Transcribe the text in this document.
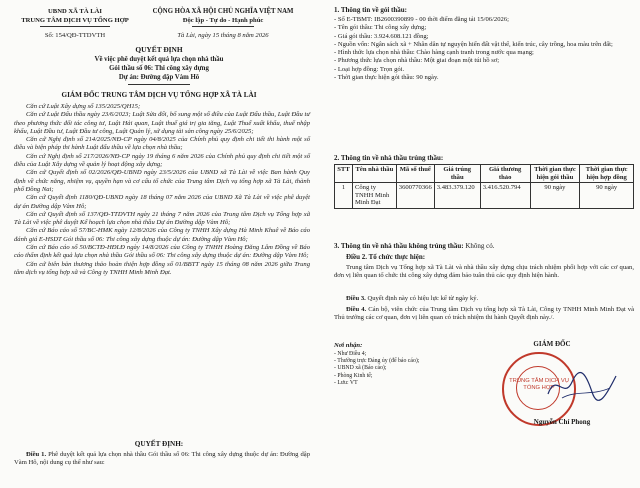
UBND XÃ TÀ LÀI
TRUNG TÂM DỊCH VỤ TỔNG HỢP
Số: 154/QĐ-TTDVTH
CỘNG HÒA XÃ HỘI CHỦ NGHĨA VIỆT NAM
Độc lập - Tự do - Hạnh phúc
Tà Lài, ngày 15 tháng 8 năm 2026
QUYẾT ĐỊNH
Về việc phê duyệt kết quả lựa chọn nhà thầu
Gói thầu số 06: Thi công xây dựng
Dự án: Đường dập Vàm Hô
GIÁM ĐỐC TRUNG TÂM DỊCH VỤ TỔNG HỢP XÃ TÀ LÀI
Căn cứ Luật Xây dựng số 135/2025/QH15;
Căn cứ Luật Đấu thầu ngày 23/6/2023; Luật Sửa đổi, bổ sung một số điều của Luật Đấu thầu, Luật Đầu tư theo phương thức đối tác công tư, Luật Hải quan, Luật thuế giá trị gia tăng, Luật Thuế xuất khẩu, thuế nhập khẩu, Luật Đầu tư, Luật Đầu tư công, Luật Quản lý, sử dụng tài sản công ngày 25/6/2025;
Căn cứ Nghị định số 214/2025/NĐ-CP ngày 04/8/2025 của Chính phủ quy định chi tiết thi hành một số điều và biện pháp thi hành Luật đấu thầu về lựa chọn nhà thầu;
Căn cứ Nghị định số 217/2026/NĐ-CP ngày 19 tháng 6 năm 2026 của Chính phủ quy định chi tiết một số điều của Luật Xây dựng về quản lý hoạt động xây dựng;
Căn cứ Quyết định số 02/2026/QĐ-UBND ngày 23/5/2026 của UBND xã Tà Lài về việc Ban hành Quy định về chức năng, nhiệm vụ, quyền hạn và cơ cấu tổ chức của Trung tâm Dịch vụ tổng hợp xã Tà Lài, thành phố Đồng Nai;
Căn cứ Quyết định 1180/QĐ-UBND ngày 18 tháng 07 năm 2026 của UBND Xã Tà Lài về việc phê duyệt dự án Đường dập Vàm Hô;
Căn cứ Quyết định số 137/QĐ-TTDVTH ngày 21 tháng 7 năm 2026 của Trung tâm Dịch vụ Tổng hợp xã Tà Lài về việc phê duyệt Kế hoạch lựa chọn nhà thầu Dự án Đường dập Vàm Hô;
Căn cứ Báo cáo số 57/BC-HMK ngày 12/8/2026 của Công ty TNHH Xây dựng Hà Minh Khuê về Báo cáo đánh giá E-HSDT Gói thầu số 06: Thi công xây dựng thuộc dự án: Đường dập Vàm Hô;
Căn cứ Báo cáo số 50/BCTĐ-HĐLĐ ngày 14/8/2026 của Công ty TNHH Hoàng Đăng Lâm Đồng về Báo cáo thẩm định kết quả lựa chọn nhà thầu Gói thầu số 06: Thi công xây dựng thuộc dự án: Đường dập Vàm Hô;
Căn cứ biên bản thương thảo hoàn thiện hợp đồng số 01/BBTT ngày 15 tháng 08 năm 2026 giữa Trung tâm dịch vụ tổng hợp xã và Công ty TNHH Minh Minh Đạt.
QUYẾT ĐỊNH:
Điều 1. Phê duyệt kết quả lựa chọn nhà thầu Gói thầu số 06: Thi công xây dựng thuộc dự án: Đường dập Vàm Hô, nội dung cụ thể như sau:
1. Thông tin về gói thầu:
- Số E-TBMT: IB2600390899 - 00 thời điểm đăng tải 15/06/2026;
- Tên gói thầu: Thi công xây dựng;
- Giá gói thầu: 3.924.608.121 đồng;
- Nguồn vốn: Ngân sách xã + Nhân dân tự nguyện hiến đất vật thể, kiến trúc, cây trồng, hoa màu trên đất;
- Hình thức lựa chọn nhà thầu: Chào hàng cạnh tranh trong nước qua mạng;
- Phương thức lựa chọn nhà thầu: Một giai đoạn một túi hồ sơ;
- Loại hợp đồng: Trọn gói.
- Thời gian thực hiện gói thầu: 90 ngày.
2. Thông tin về nhà thầu trúng thầu:
STT	Tên nhà thầu	Mã số thuế	Giá trúng thầu	Giá thương thảo	Thời gian thực hiện gói thầu	Thời gian thực hiện hợp đồng
1	Công ty TNHH Minh Minh Đạt	3600770366	3.483.379.120	3.416.520.794	90 ngày	90 ngày
3. Thông tin về nhà thầu không trúng thầu: Không có.
Điều 2. Tổ chức thực hiện:
Trung tâm Dịch vụ Tổng hợp xã Tà Lài và nhà thầu xây dựng chịu trách nhiệm phối hợp với các cơ quan, đơn vị liên quan tổ chức thi công xây dựng đảm bảo tuân thủ các quy định hiện hành.
Điều 3. Quyết định này có hiệu lực kể từ ngày ký.
Điều 4. Cán bộ, viên chức của Trung tâm Dịch vụ tổng hợp xã Tà Lài, Công ty TNHH Minh Minh Đạt và Thủ trưởng các cơ quan, đơn vị liên quan có trách nhiệm thi hành Quyết định này./.
Nơi nhận:
- Như Điều 4;
- Thường trực Đảng ủy (để báo cáo);
- UBND xã (Báo cáo);
- Phòng Kinh tế;
- Lưu: VT
GIÁM ĐỐC
TRUNG TÂM DỊCH VỤ TỔNG HỢP
Nguyễn Chí Phong
